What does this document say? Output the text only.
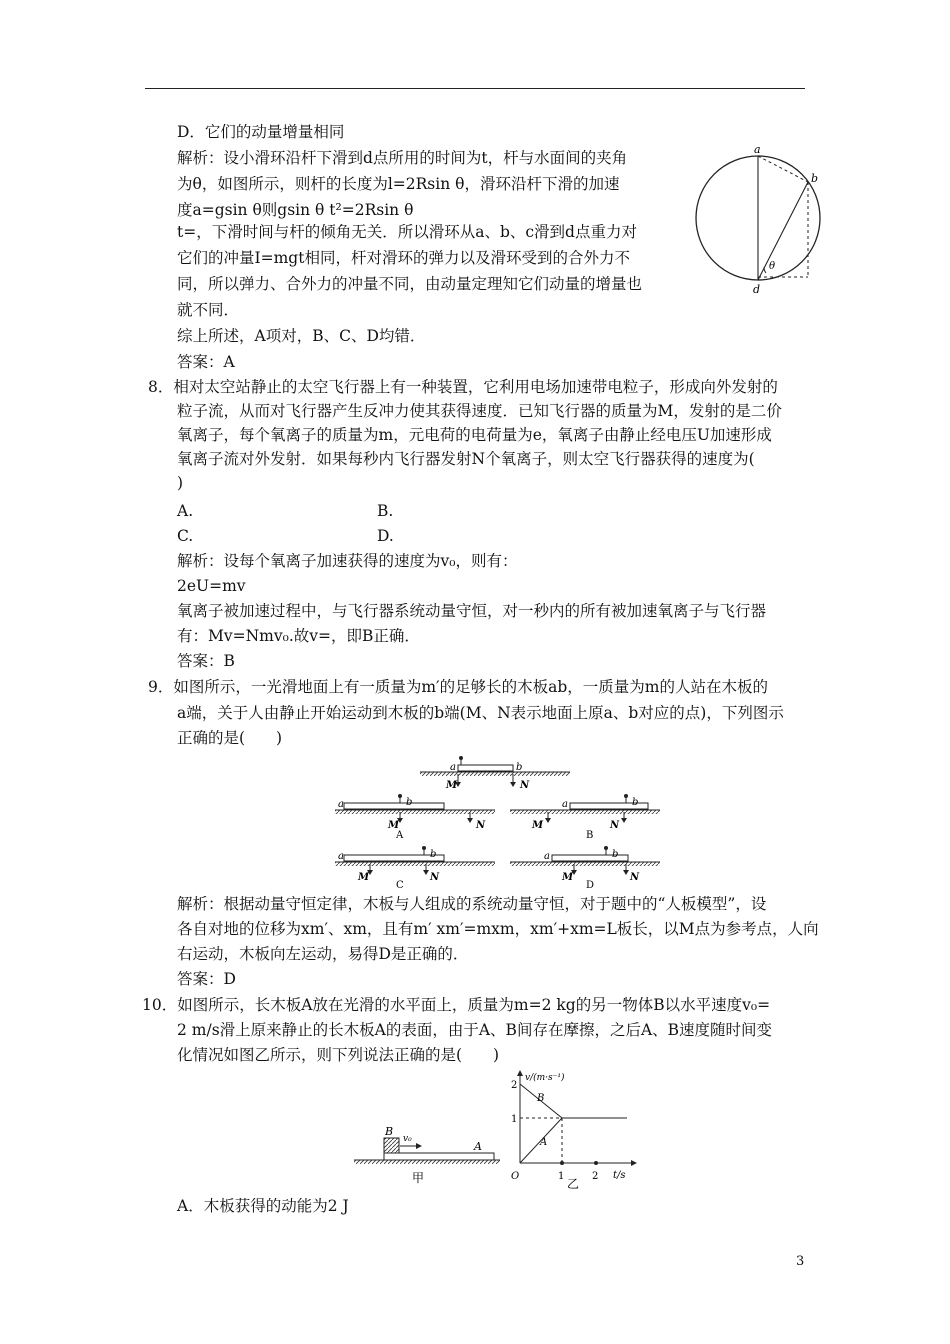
D．它们的动量增量相同
解析：设小滑环沿杆下滑到d点所用的时间为t，杆与水面间的夹角
为θ，如图所示，则杆的长度为l=2Rsin θ，滑环沿杆下滑的加速
度a=gsin θ则gsin θ t²=2Rsin θ
t=，下滑时间与杆的倾角无关．所以滑环从a、b、c滑到d点重力对
它们的冲量I=mgt相同，杆对滑环的弹力以及滑环受到的合外力不
同，所以弹力、合外力的冲量不同，由动量定理知它们动量的增量也
就不同．
综上所述，A项对，B、C、D均错．
答案：A
a
b
d
θ
8．相对太空站静止的太空飞行器上有一种装置，它利用电场加速带电粒子，形成向外发射的
粒子流，从而对飞行器产生反冲力使其获得速度．已知飞行器的质量为M，发射的是二价
氧离子，每个氧离子的质量为m，元电荷的电荷量为e，氧离子由静止经电压U加速形成
氧离子流对外发射．如果每秒内飞行器发射N个氧离子，则太空飞行器获得的速度为(
)
A.	B.
C.	D.
解析：设每个氧离子加速获得的速度为v₀，则有：
2eU=mv
氧离子被加速过程中，与飞行器系统动量守恒，对一秒内的所有被加速氧离子与飞行器
有：Mv=Nmv₀.故v=，即B正确．
答案：B
9．如图所示，一光滑地面上有一质量为m′的足够长的木板ab，一质量为m的人站在木板的
a端，关于人由静止开始运动到木板的b端(M、N表示地面上原a、b对应的点)，下列图示
正确的是(　　)
a	b
M	N
a	b
M	N
A
a	b
M	N
B
a	b
M	N
C
a	b
M	N
D
解析：根据动量守恒定律，木板与人组成的系统动量守恒，对于题中的“人板模型”，设
各自对地的位移为xm′、xm，且有m′ xm′=mxm，xm′+xm=L板长，以M点为参考点，人向
右运动，木板向左运动，易得D是正确的．
答案：D
10．如图所示，长木板A放在光滑的水平面上，质量为m=2 kg的另一物体B以水平速度v₀=
2 m/s滑上原来静止的长木板A的表面，由于A、B间存在摩擦，之后A、B速度随时间变
化情况如图乙所示，则下列说法正确的是(　　)
B
v₀
A
甲
v/(m·s⁻¹)
t/s
O
2
1
1	2
B
A
乙
A．木板获得的动能为2 J
3
